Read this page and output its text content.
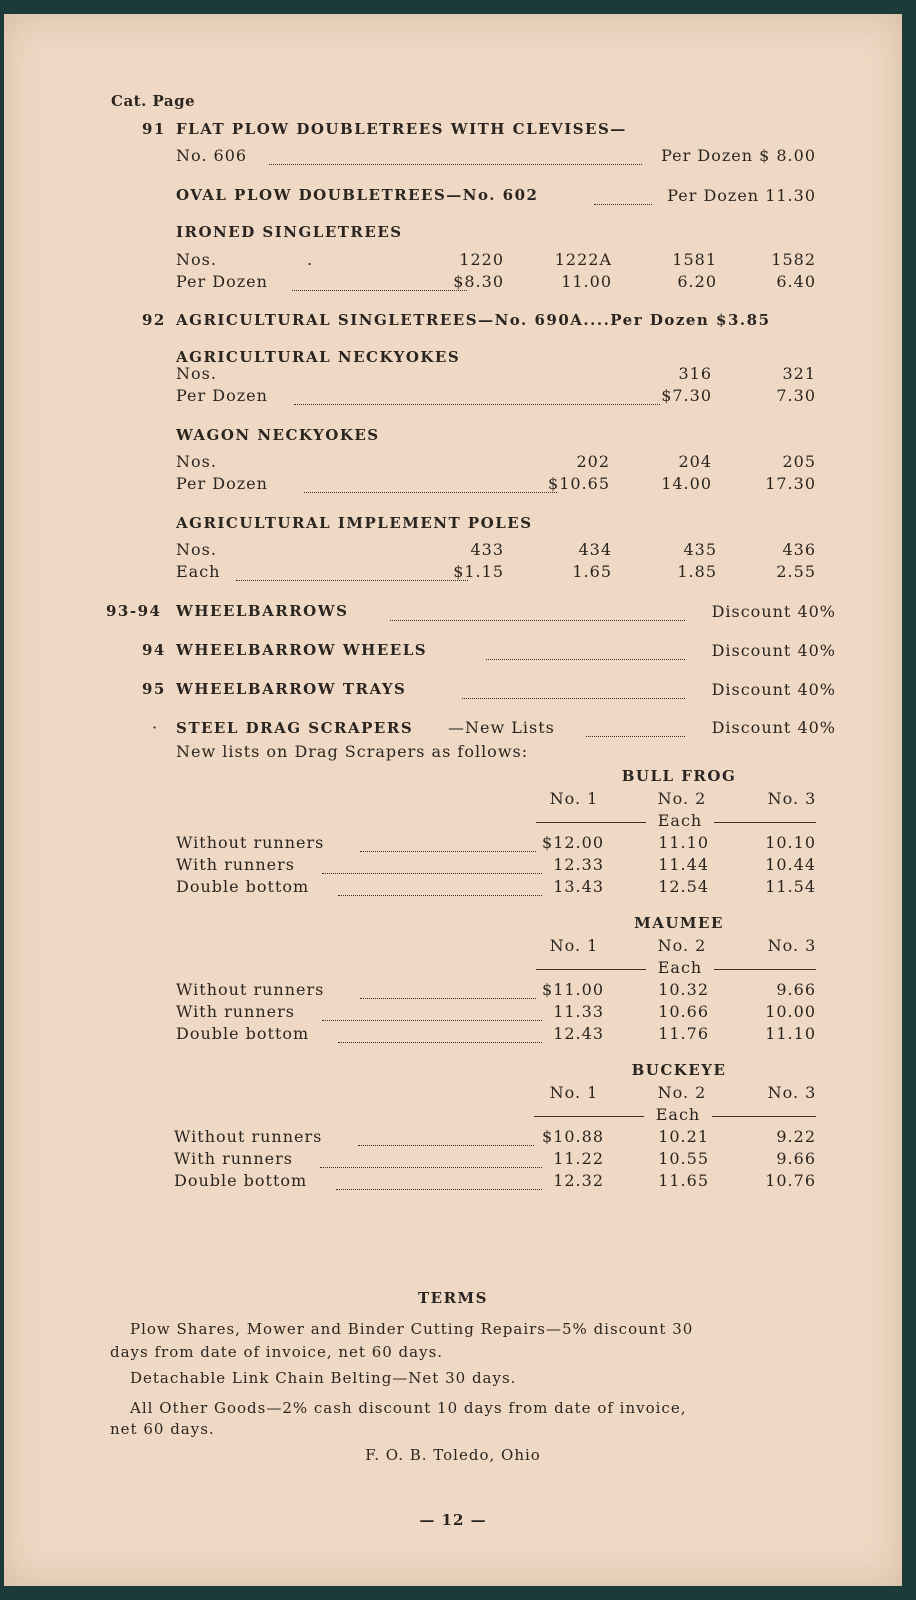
Cat. Page
91 FLAT PLOW DOUBLETREES WITH CLEVISES—
No. 606	Per Dozen $ 8.00
OVAL PLOW DOUBLETREES—No. 602	Per Dozen 11.30
IRONED SINGLETREES
Nos.	.	1220	1222A	1581	1582
Per Dozen	$8.30	11.00	6.20	6.40
92 AGRICULTURAL SINGLETREES—No. 690A....Per Dozen $3.85
AGRICULTURAL NECKYOKES
Nos.	316	321
Per Dozen	$7.30	7.30
WAGON NECKYOKES
Nos.	202	204	205
Per Dozen	$10.65	14.00	17.30
AGRICULTURAL IMPLEMENT POLES
Nos.	433	434	435	436
Each	$1.15	1.65	1.85	2.55
93-94 WHEELBARROWS	Discount 40%
94 WHEELBARROW WHEELS	Discount 40%
95 WHEELBARROW TRAYS	Discount 40%
· STEEL DRAG SCRAPERS —New Lists	Discount 40%
New lists on Drag Scrapers as follows:
BULL FROG
No. 1	No. 2	No. 3
Each
Without runners	$12.00	11.10	10.10
With runners	12.33	11.44	10.44
Double bottom	13.43	12.54	11.54
MAUMEE
No. 1	No. 2	No. 3
Each
Without runners	$11.00	10.32	9.66
With runners	11.33	10.66	10.00
Double bottom	12.43	11.76	11.10
BUCKEYE
No. 1	No. 2	No. 3
Each
Without runners	$10.88	10.21	9.22
With runners	11.22	10.55	9.66
Double bottom	12.32	11.65	10.76
TERMS
Plow Shares, Mower and Binder Cutting Repairs—5% discount 30
days from date of invoice, net 60 days.
Detachable Link Chain Belting—Net 30 days.
All Other Goods—2% cash discount 10 days from date of invoice,
net 60 days.
F. O. B. Toledo, Ohio
— 12 —
